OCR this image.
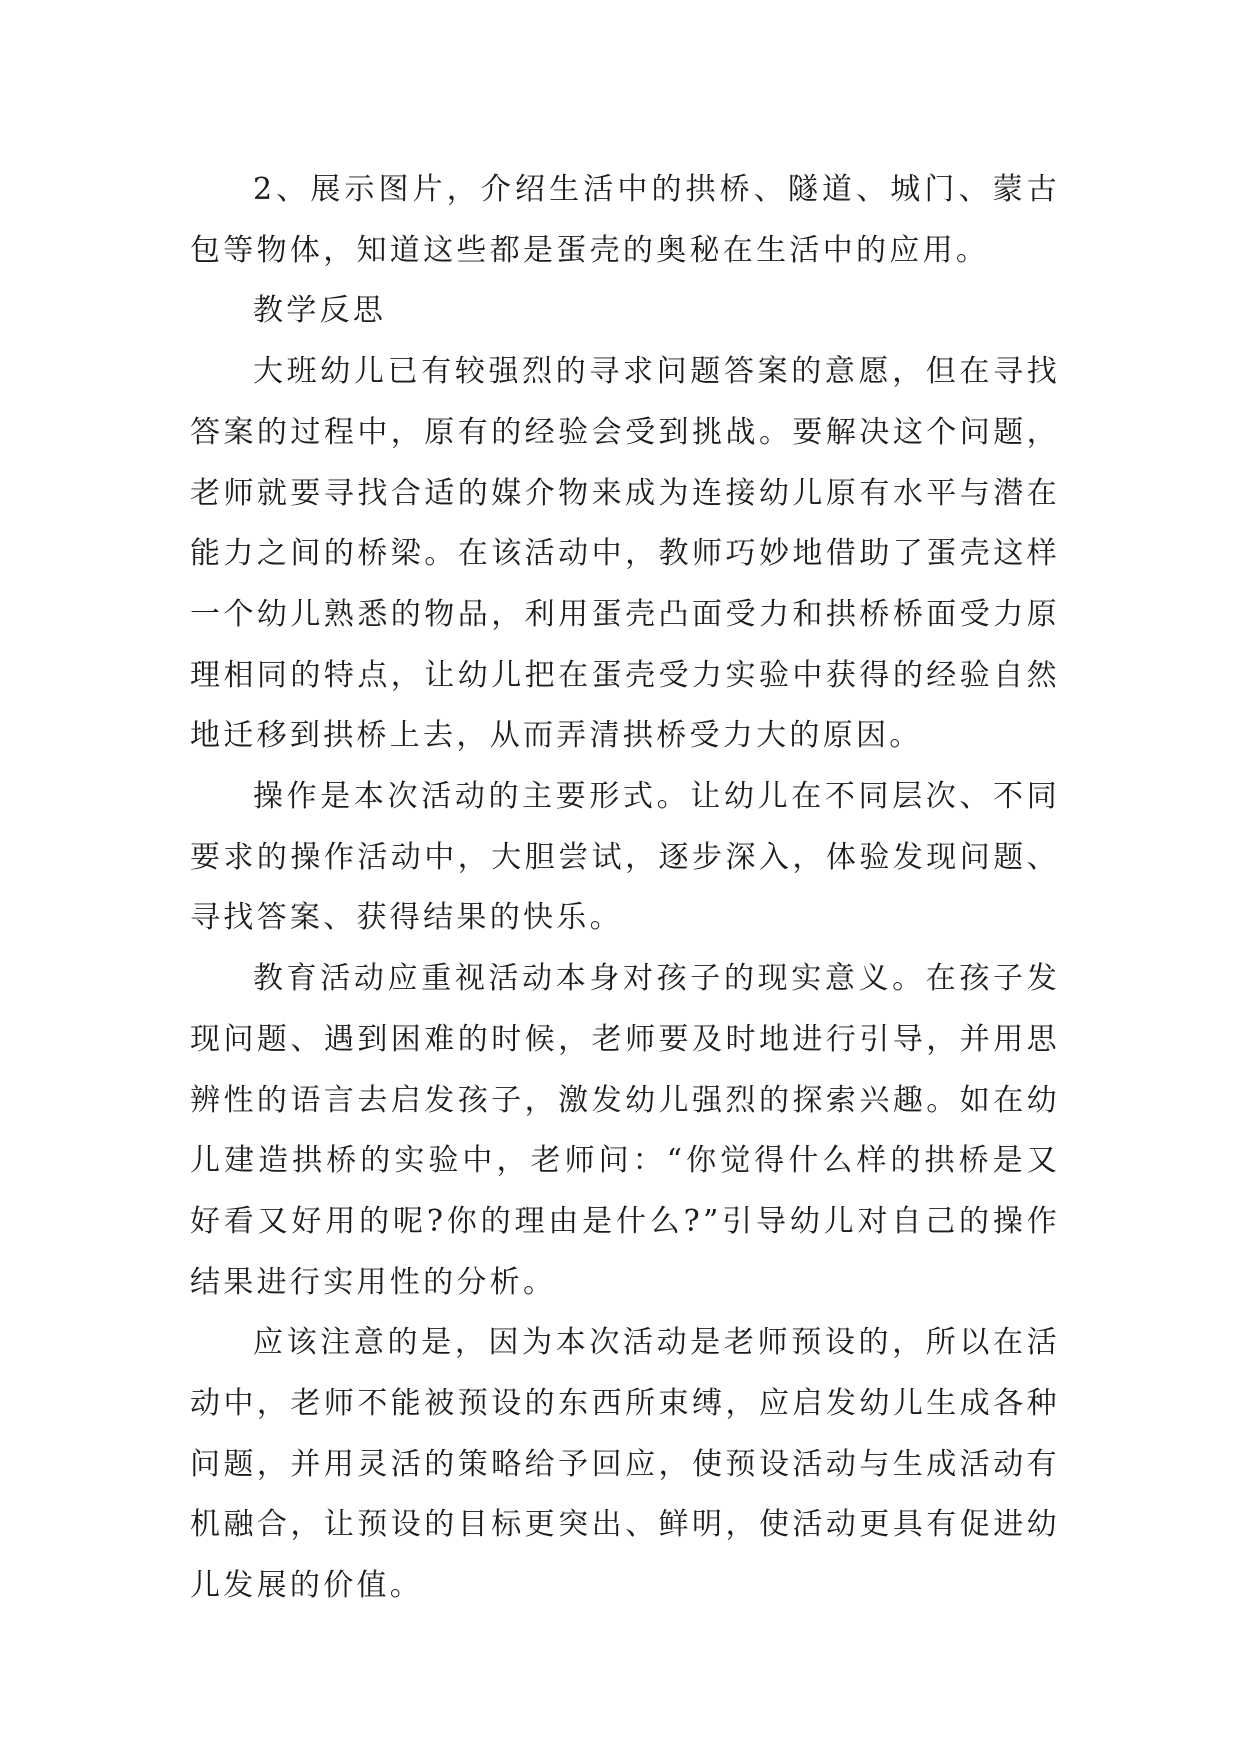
2、展示图片，介绍生活中的拱桥、隧道、城门、蒙古包等物体，知道这些都是蛋壳的奥秘在生活中的应用。

教学反思

大班幼儿已有较强烈的寻求问题答案的意愿，但在寻找答案的过程中，原有的经验会受到挑战。要解决这个问题，老师就要寻找合适的媒介物来成为连接幼儿原有水平与潜在能力之间的桥梁。在该活动中，教师巧妙地借助了蛋壳这样一个幼儿熟悉的物品，利用蛋壳凸面受力和拱桥桥面受力原理相同的特点，让幼儿把在蛋壳受力实验中获得的经验自然地迁移到拱桥上去，从而弄清拱桥受力大的原因。

操作是本次活动的主要形式。让幼儿在不同层次、不同要求的操作活动中，大胆尝试，逐步深入，体验发现问题、寻找答案、获得结果的快乐。

教育活动应重视活动本身对孩子的现实意义。在孩子发现问题、遇到困难的时候，老师要及时地进行引导，并用思辨性的语言去启发孩子，激发幼儿强烈的探索兴趣。如在幼儿建造拱桥的实验中，老师问：“你觉得什么样的拱桥是又好看又好用的呢?你的理由是什么?”引导幼儿对自己的操作结果进行实用性的分析。

应该注意的是，因为本次活动是老师预设的，所以在活动中，老师不能被预设的东西所束缚，应启发幼儿生成各种问题，并用灵活的策略给予回应，使预设活动与生成活动有机融合，让预设的目标更突出、鲜明，使活动更具有促进幼儿发展的价值。
